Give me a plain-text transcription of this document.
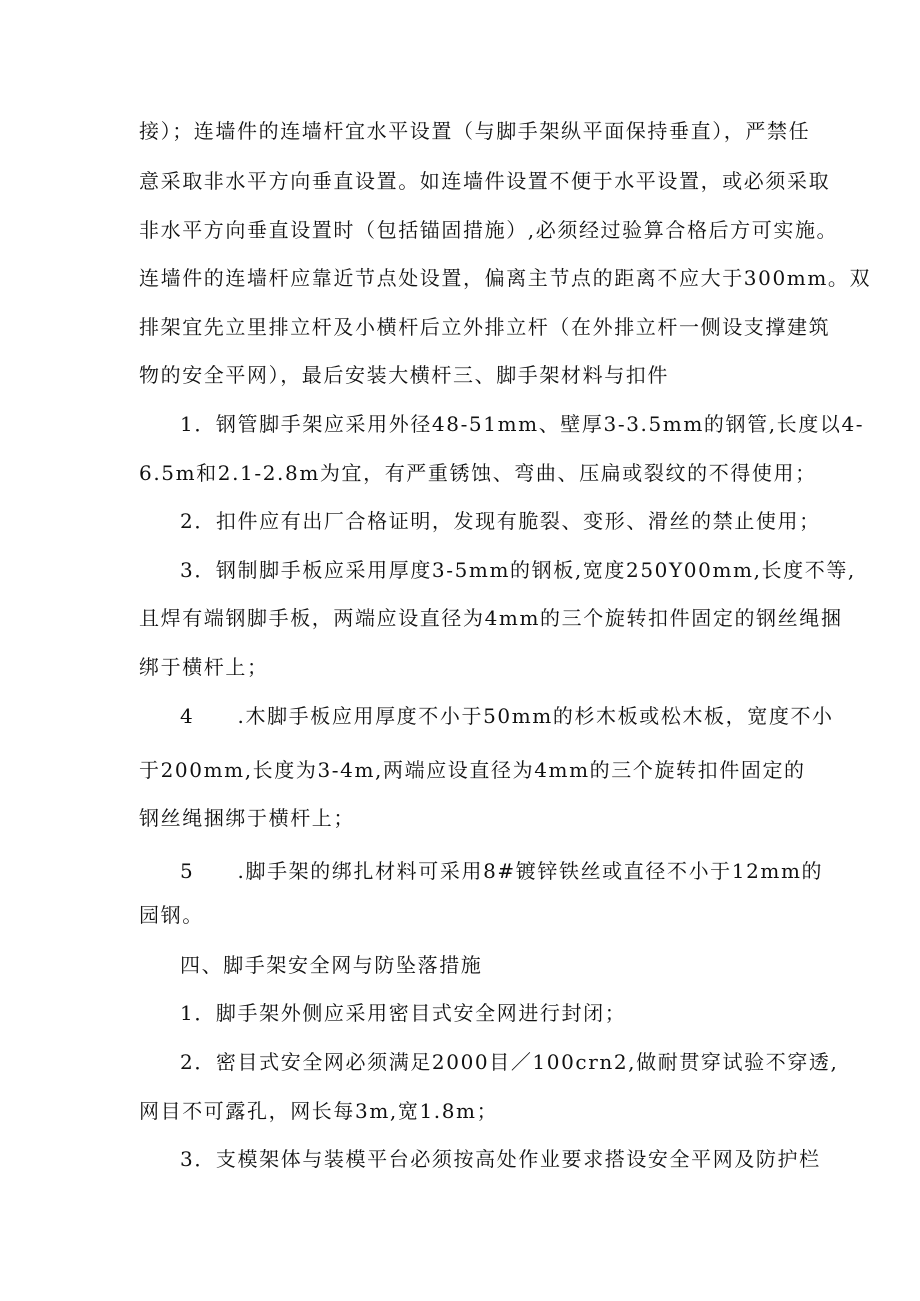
接）；连墙件的连墙杆宜水平设置（与脚手架纵平面保持垂直），严禁任

意采取非水平方向垂直设置。如连墙件设置不便于水平设置，或必须采取

非水平方向垂直设置时（包括锚固措施）,必须经过验算合格后方可实施。

连墙件的连墙杆应靠近节点处设置，偏离主节点的距离不应大于300mm。双

排架宜先立里排立杆及小横杆后立外排立杆（在外排立杆一侧设支撑建筑

物的安全平网），最后安装大横杆三、脚手架材料与扣件

1．钢管脚手架应采用外径48-51mm、壁厚3-3.5mm的钢管,长度以4-

6.5m和2.1-2.8m为宜，有严重锈蚀、弯曲、压扁或裂纹的不得使用；

2．扣件应有出厂合格证明，发现有脆裂、变形、滑丝的禁止使用；

3．钢制脚手板应采用厚度3-5mm的钢板,宽度250Y00mm,长度不等,

且焊有端钢脚手板，两端应设直径为4mm的三个旋转扣件固定的钢丝绳捆

绑于横杆上；

4　　.木脚手板应用厚度不小于50mm的杉木板或松木板，宽度不小

于200mm,长度为3-4m,两端应设直径为4mm的三个旋转扣件固定的

钢丝绳捆绑于横杆上；

5　　.脚手架的绑扎材料可采用8#镀锌铁丝或直径不小于12mm的

园钢。

四、脚手架安全网与防坠落措施

1．脚手架外侧应采用密目式安全网进行封闭；

2．密目式安全网必须满足2000目／100crn2,做耐贯穿试验不穿透,

网目不可露孔，网长每3m,宽1.8m；

3．支模架体与装模平台必须按高处作业要求搭设安全平网及防护栏
